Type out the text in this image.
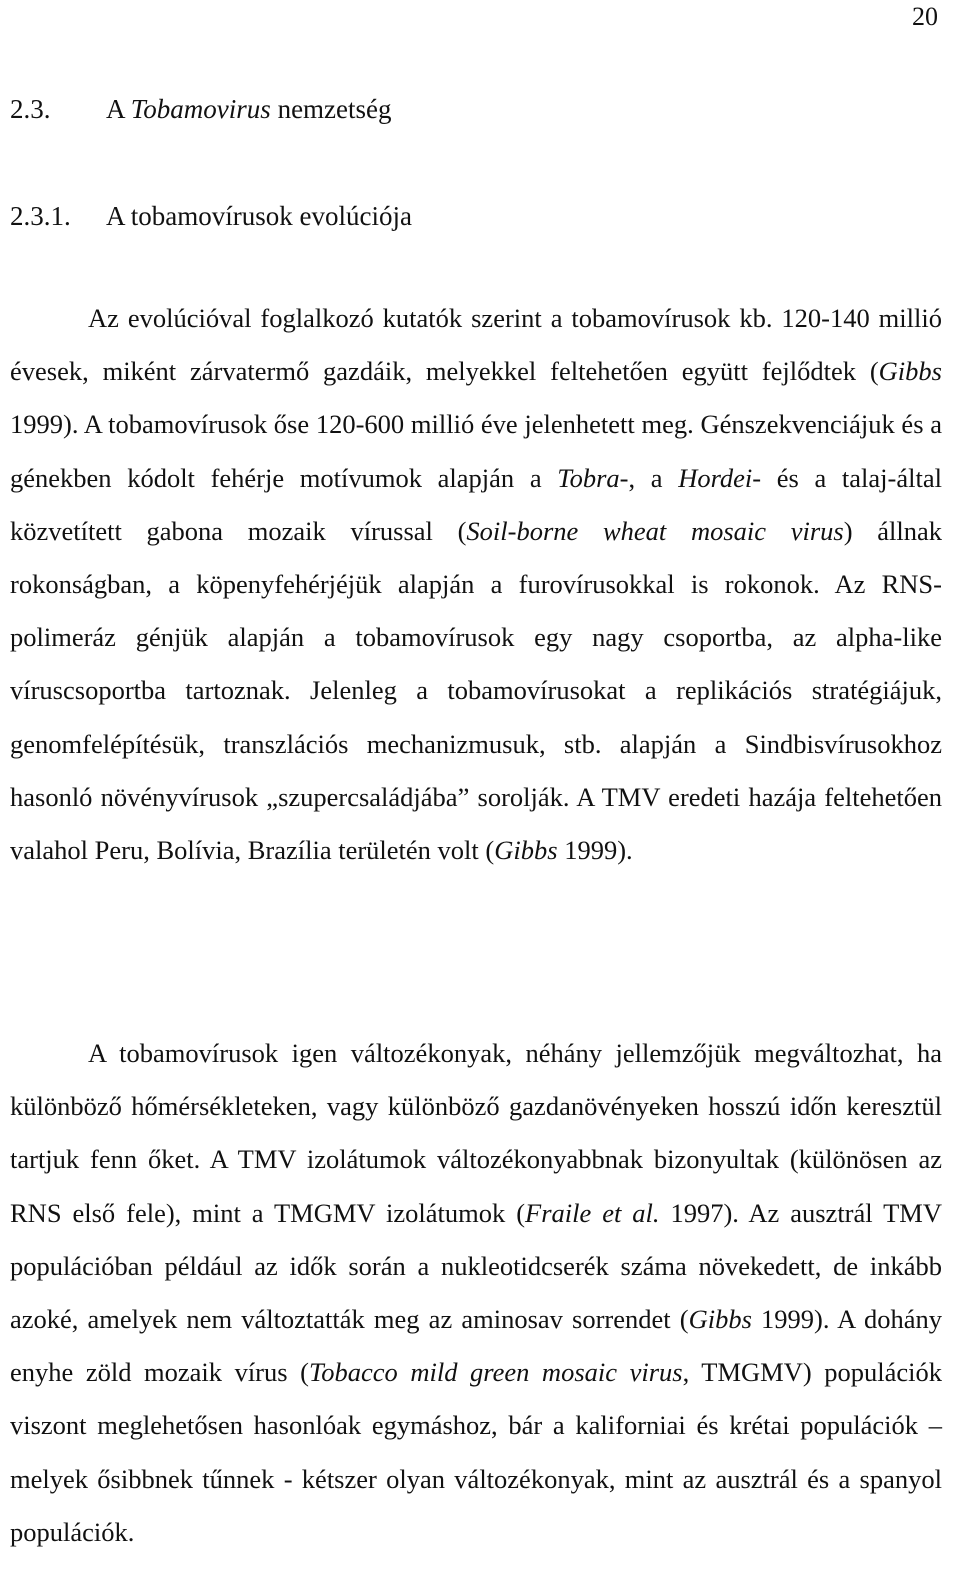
20
2.3. A Tobamovirus nemzetség
2.3.1. A tobamovírusok evolúciója

Az evolúcióval foglalkozó kutatók szerint a tobamovírusok kb. 120-140 millió évesek, miként zárvatermő gazdáik, melyekkel feltehetően együtt fejlődtek (Gibbs 1999). A tobamovírusok őse 120-600 millió éve jelenhetett meg. Génszekvenciájuk és a génekben kódolt fehérje motívumok alapján a Tobra-, a Hordei- és a talaj-által közvetített gabona mozaik vírussal (Soil-borne wheat mosaic virus) állnak rokonságban, a köpenyfehérjéjük alapján a furovírusokkal is rokonok. Az RNS-polimeráz génjük alapján a tobamovírusok egy nagy csoportba, az alpha-like víruscsoportba tartoznak. Jelenleg a tobamovírusokat a replikációs stratégiájuk, genomfelépítésük, transzlációs mechanizmusuk, stb. alapján a Sindbisvírusokhoz hasonló növényvírusok „szupercsaládjába” sorolják. A TMV eredeti hazája feltehetően valahol Peru, Bolívia, Brazília területén volt (Gibbs 1999).

A tobamovírusok igen változékonyak, néhány jellemzőjük megváltozhat, ha különböző hőmérsékleteken, vagy különböző gazdanövényeken hosszú időn keresztül tartjuk fenn őket. A TMV izolátumok változékonyabbnak bizonyultak (különösen az RNS első fele), mint a TMGMV izolátumok (Fraile et al. 1997). Az ausztrál TMV populációban például az idők során a nukleotidcserék száma növekedett, de inkább azoké, amelyek nem változtatták meg az aminosav sorrendet (Gibbs 1999). A dohány enyhe zöld mozaik vírus (Tobacco mild green mosaic virus, TMGMV) populációk viszont meglehetősen hasonlóak egymáshoz, bár a kaliforniai és krétai populációk – melyek ősibbnek tűnnek - kétszer olyan változékonyak, mint az ausztrál és a spanyol populációk.
